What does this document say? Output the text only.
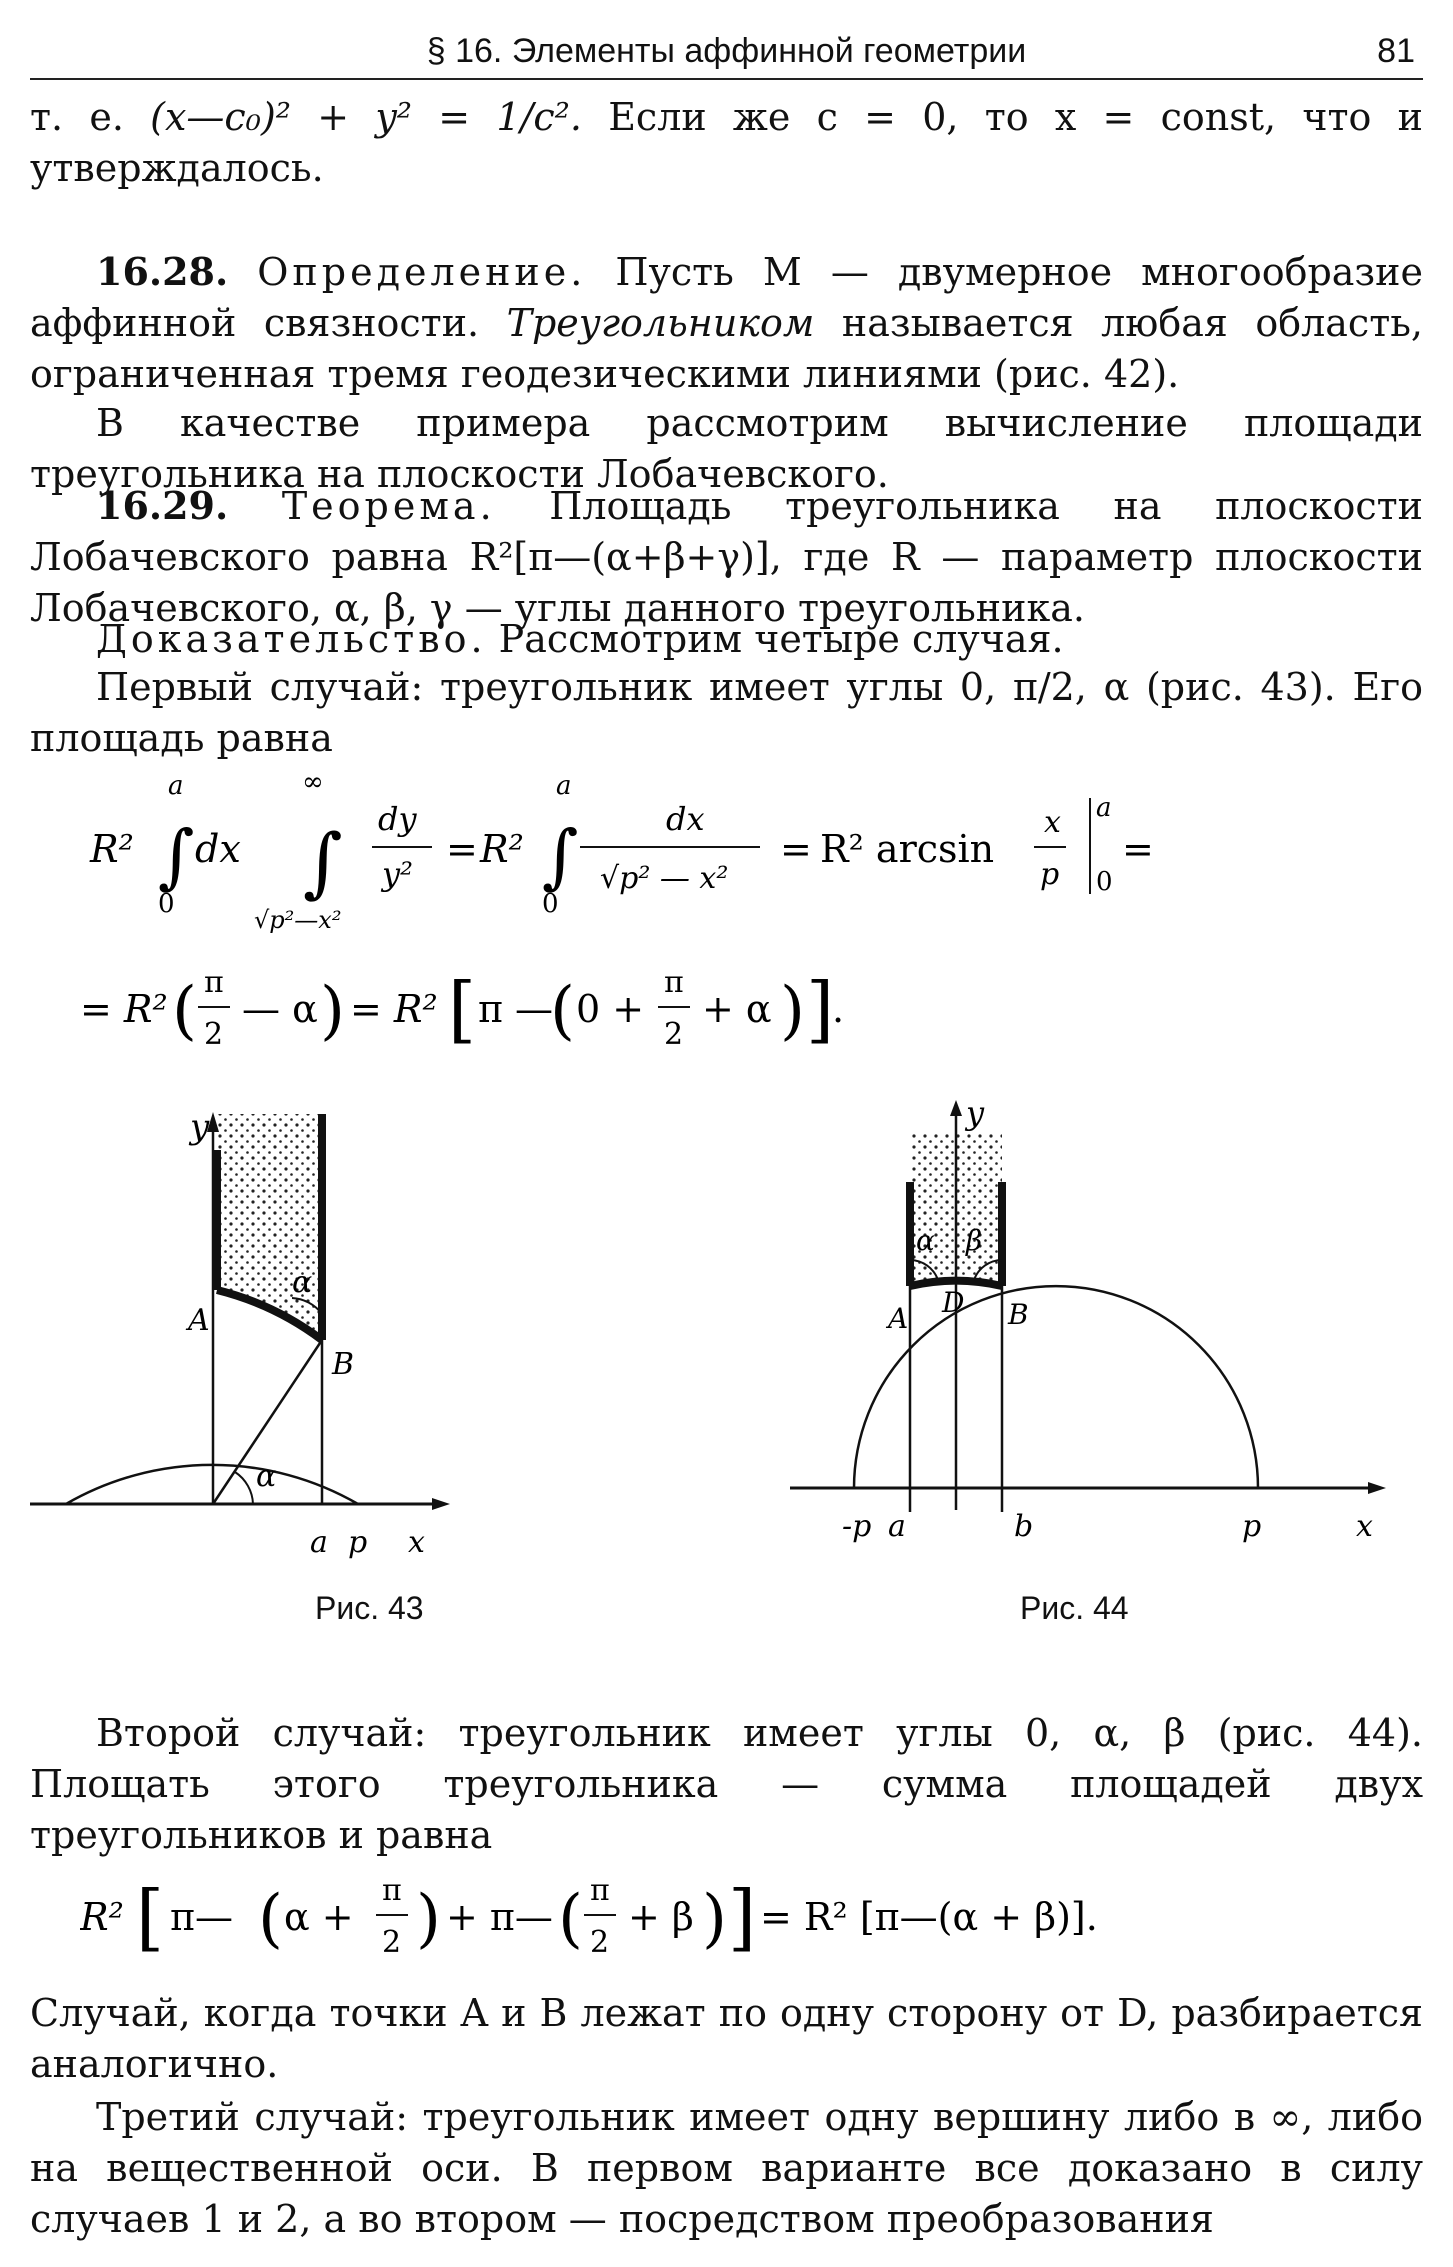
§ 16. Элементы аффинной геометрии	81

т. е. (x—c₀)² + y² = 1/c². Если же c = 0, то x = const, что и утверждалось.

16.28. Определение. Пусть M — двумерное многообразие аффинной связности. Треугольником называется любая область, ограниченная тремя геодезическими линиями (рис. 42).

В качестве примера рассмотрим вычисление площади треугольника на плоскости Лобачевского.

16.29. Теорема. Площадь треугольника на плоскости Лобачевского равна R²[π—(α+β+γ)], где R — параметр плоскости Лобачевского, α, β, γ — углы данного треугольника.

Доказательство. Рассмотрим четыре случая.

Первый случай: треугольник имеет углы 0, π/2, α (рис. 43). Его площадь равна

R² ∫
a
0
dx ∫
∞
√p²—x²
dy
y²
= R² ∫
a
0
dx
√p² — x²
= R² arcsin
x
p
a
0
=
= R² ( π
2
— α ) = R² [ π —
( 0 +
π
2
+ α ) ]
.
y
A
B
α
α
a p x
Рис. 43
y
α β
A D B
-p a	b	p	x
Рис. 44

Второй случай: треугольник имеет углы 0, α, β (рис. 44). Площать этого треугольника — сумма площадей двух треугольников и равна

R² [ π— ( α +
π
2 ) + π— ( π
2
+ β ) ] = R² [π—(α + β)].

Случай, когда точки A и B лежат по одну сторону от D, разбирается аналогично.

Третий случай: треугольник имеет одну вершину либо в ∞, либо на вещественной оси. В первом варианте все доказано в силу случаев 1 и 2, а во втором — посредством преобразования
